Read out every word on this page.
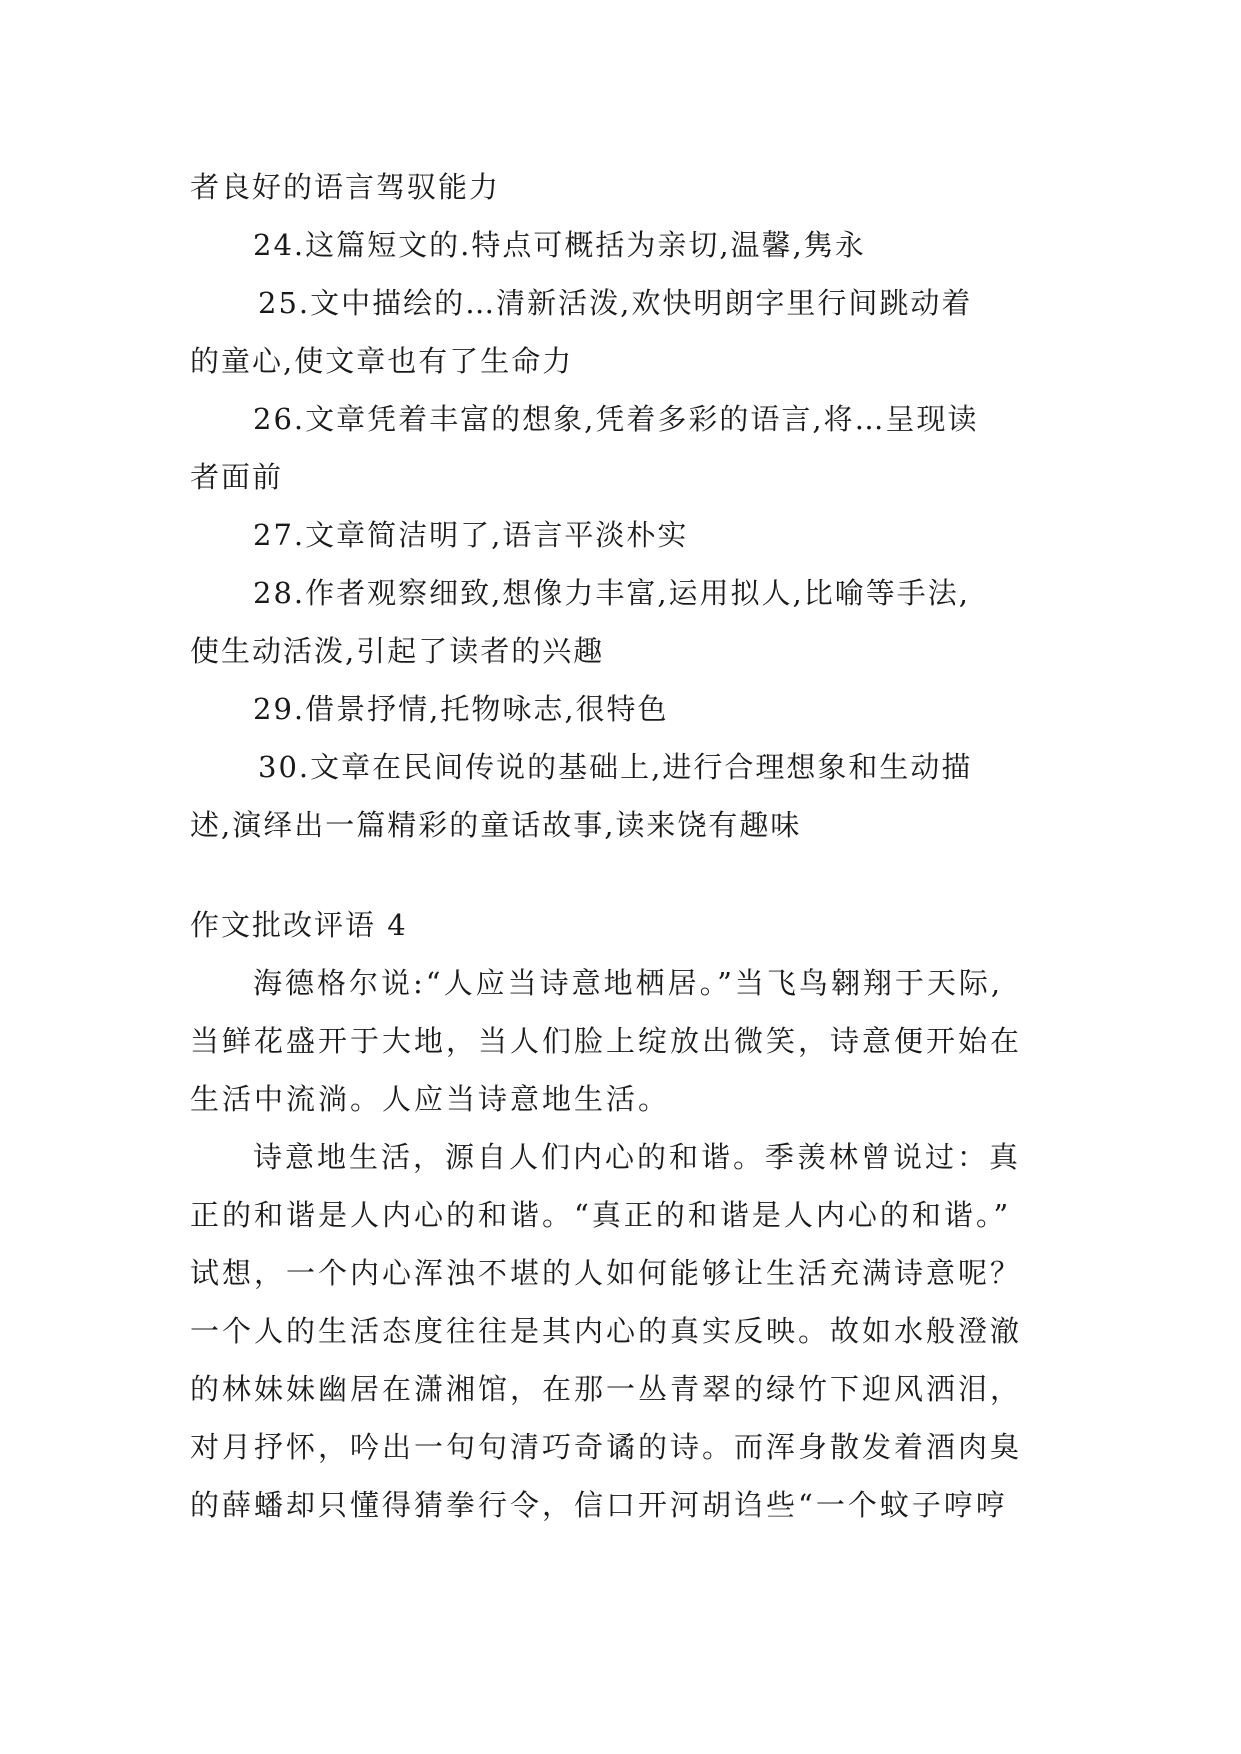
者良好的语言驾驭能力
24.这篇短文的.特点可概括为亲切,温馨,隽永
25.文中描绘的…清新活泼,欢快明朗字里行间跳动着
的童心,使文章也有了生命力
26.文章凭着丰富的想象,凭着多彩的语言,将…呈现读
者面前
27.文章简洁明了,语言平淡朴实
28.作者观察细致,想像力丰富,运用拟人,比喻等手法,
使生动活泼,引起了读者的兴趣
29.借景抒情,托物咏志,很特色
30.文章在民间传说的基础上,进行合理想象和生动描
述,演绎出一篇精彩的童话故事,读来饶有趣味
作文批改评语 4
海德格尔说:“人应当诗意地栖居。”当飞鸟翱翔于天际,
当鲜花盛开于大地，当人们脸上绽放出微笑，诗意便开始在
生活中流淌。人应当诗意地生活。
诗意地生活，源自人们内心的和谐。季羡林曾说过：真
正的和谐是人内心的和谐。“真正的和谐是人内心的和谐。”
试想，一个内心浑浊不堪的人如何能够让生活充满诗意呢？
一个人的生活态度往往是其内心的真实反映。故如水般澄澈
的林妹妹幽居在潇湘馆，在那一丛青翠的绿竹下迎风洒泪，
对月抒怀，吟出一句句清巧奇谲的诗。而浑身散发着酒肉臭
的薛蟠却只懂得猜拳行令，信口开河胡诌些“一个蚊子哼哼
